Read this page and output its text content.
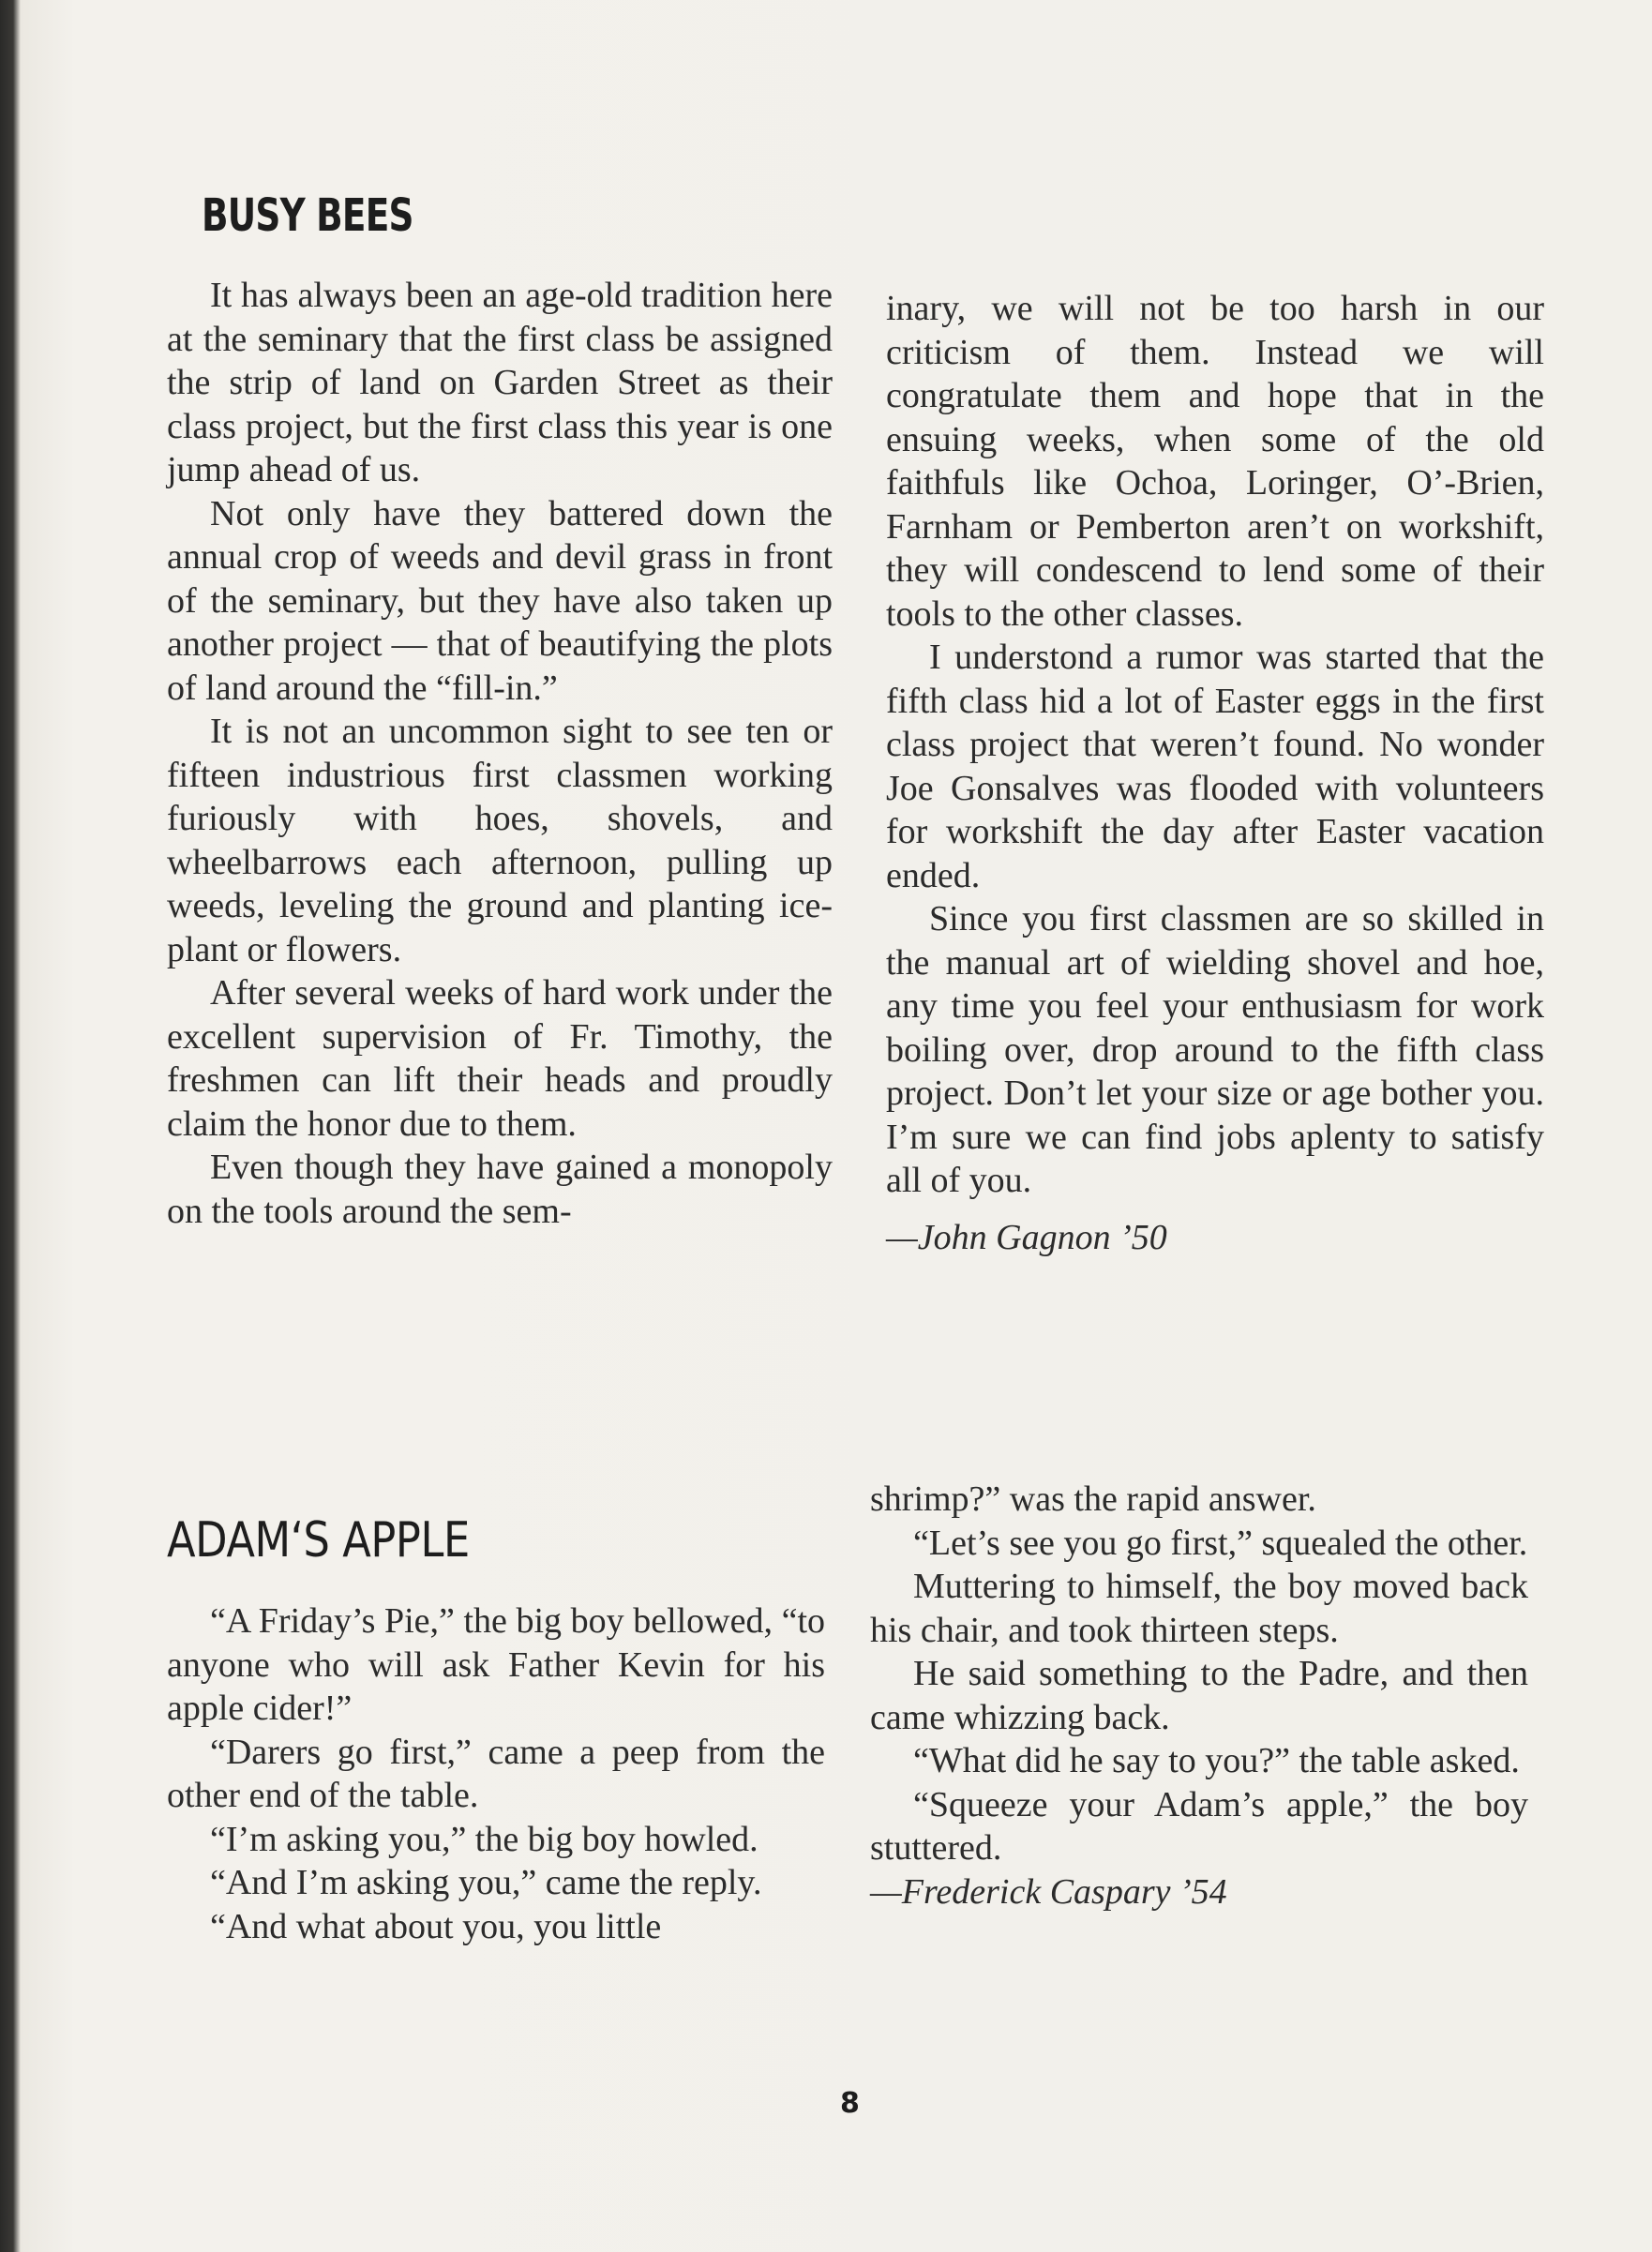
BUSY BEES

It has always been an age-old tradition here at the seminary that the first class be assigned the strip of land on Garden Street as their class project, but the first class this year is one jump ahead of us.

Not only have they battered down the annual crop of weeds and devil grass in front of the seminary, but they have also taken up another project — that of beautifying the plots of land around the “fill-in.”

It is not an uncommon sight to see ten or fifteen industrious first classmen working furiously with hoes, shovels, and wheelbarrows each afternoon, pulling up weeds, leveling the ground and planting ice-plant or flowers.

After several weeks of hard work under the excellent supervision of Fr. Timothy, the freshmen can lift their heads and proudly claim the honor due to them.

Even though they have gained a monopoly on the tools around the sem-

inary, we will not be too harsh in our criticism of them. Instead we will congratulate them and hope that in the ensuing weeks, when some of the old faithfuls like Ochoa, Loringer, O’-Brien, Farnham or Pemberton aren’t on workshift, they will condescend to lend some of their tools to the other classes.

I understond a rumor was started that the fifth class hid a lot of Easter eggs in the first class project that weren’t found. No wonder Joe Gonsalves was flooded with volunteers for workshift the day after Easter vacation ended.

Since you first classmen are so skilled in the manual art of wielding shovel and hoe, any time you feel your enthusiasm for work boiling over, drop around to the fifth class project. Don’t let your size or age bother you. I’m sure we can find jobs aplenty to satisfy all of you.

—John Gagnon ’50

ADAM‘S APPLE

“A Friday’s Pie,” the big boy bellowed, “to anyone who will ask Father Kevin for his apple cider!”

“Darers go first,” came a peep from the other end of the table.

“I’m asking you,” the big boy howled.

“And I’m asking you,” came the reply.

“And what about you, you little

shrimp?” was the rapid answer.

“Let’s see you go first,” squealed the other.

Muttering to himself, the boy moved back his chair, and took thirteen steps.

He said something to the Padre, and then came whizzing back.

“What did he say to you?” the table asked.

“Squeeze your Adam’s apple,” the boy stuttered.

—Frederick Caspary ’54

8
